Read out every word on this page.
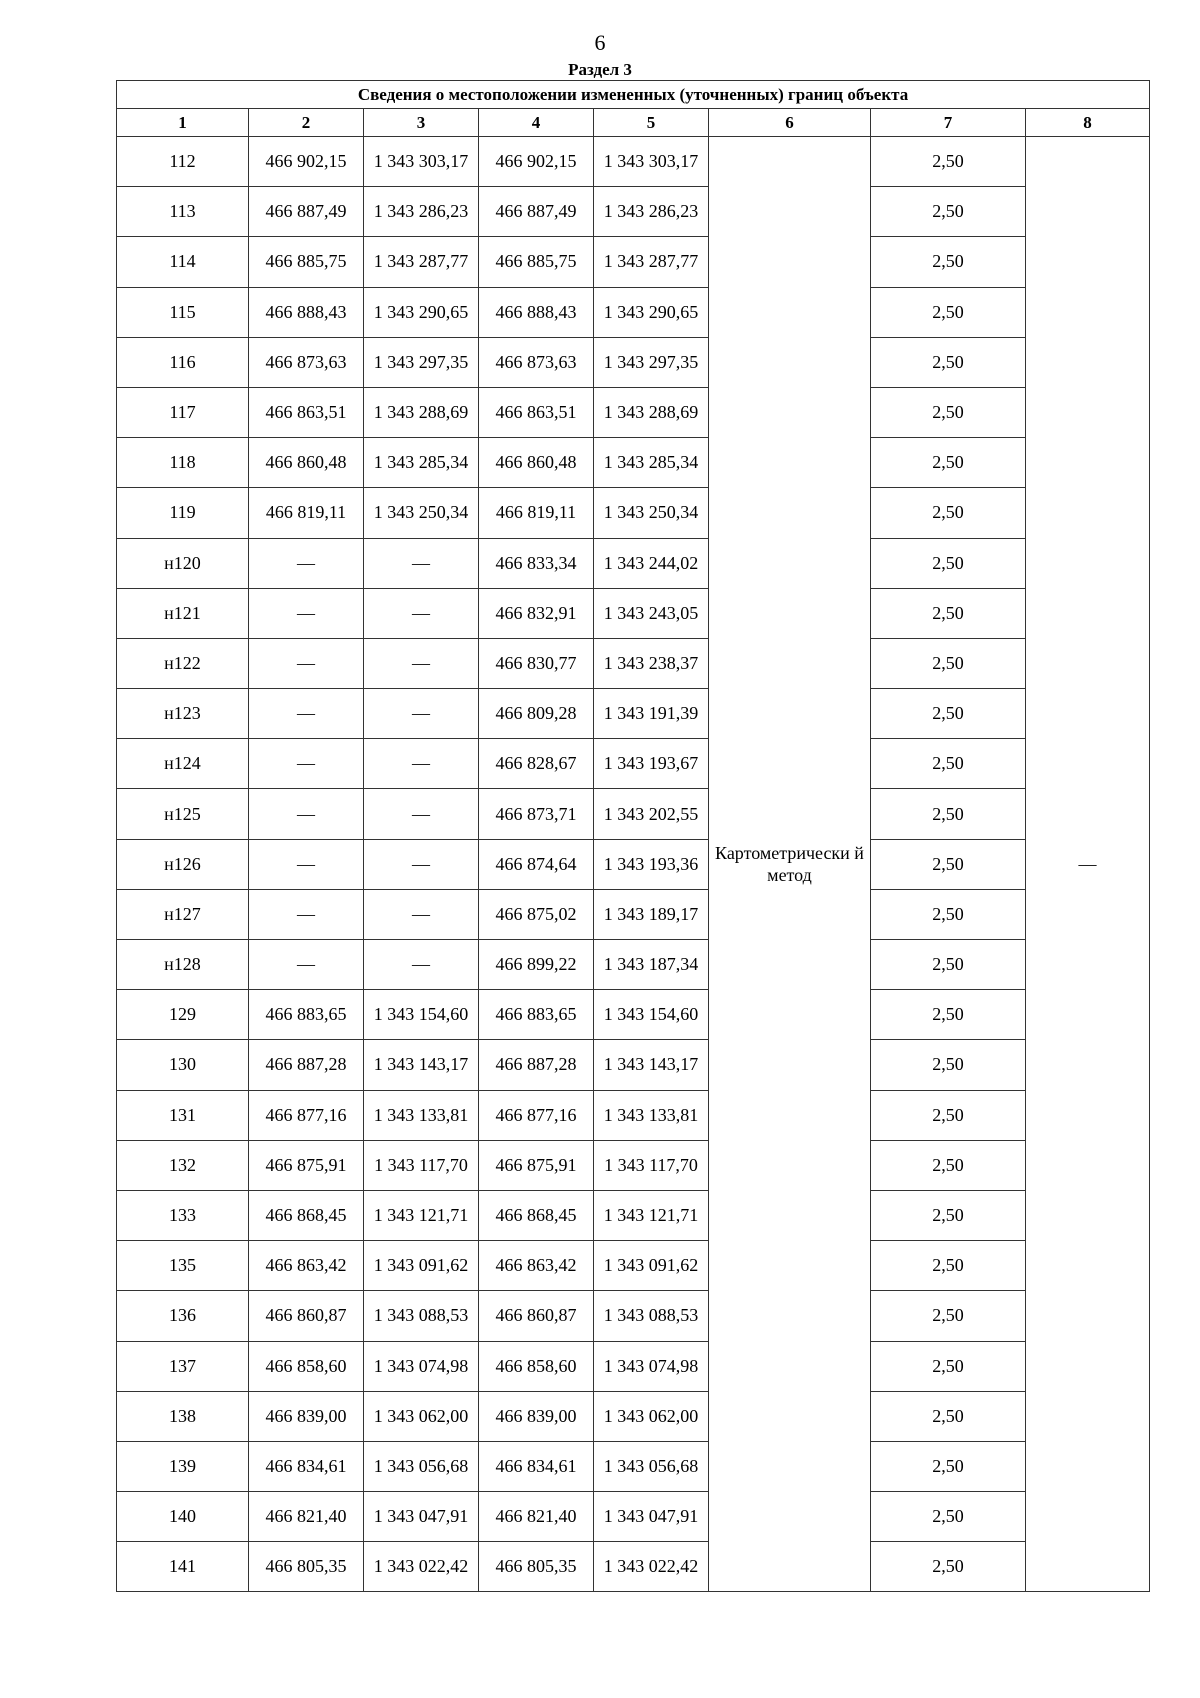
6
Раздел 3
Сведения о местоположении измененных (уточненных) границ объекта							
1	2	3	4	5	6	7	8
112	466 902,15	1 343 303,17	466 902,15	1 343 303,17	Картометрически й метод	2,50	—
113	466 887,49	1 343 286,23	466 887,49	1 343 286,23		2,50	
114	466 885,75	1 343 287,77	466 885,75	1 343 287,77		2,50	
115	466 888,43	1 343 290,65	466 888,43	1 343 290,65		2,50	
116	466 873,63	1 343 297,35	466 873,63	1 343 297,35		2,50	
117	466 863,51	1 343 288,69	466 863,51	1 343 288,69		2,50	
118	466 860,48	1 343 285,34	466 860,48	1 343 285,34		2,50	
119	466 819,11	1 343 250,34	466 819,11	1 343 250,34		2,50	
н120	—	—	466 833,34	1 343 244,02		2,50	
н121	—	—	466 832,91	1 343 243,05		2,50	
н122	—	—	466 830,77	1 343 238,37		2,50	
н123	—	—	466 809,28	1 343 191,39		2,50	
н124	—	—	466 828,67	1 343 193,67		2,50	
н125	—	—	466 873,71	1 343 202,55		2,50	
н126	—	—	466 874,64	1 343 193,36		2,50	
н127	—	—	466 875,02	1 343 189,17		2,50	
н128	—	—	466 899,22	1 343 187,34		2,50	
129	466 883,65	1 343 154,60	466 883,65	1 343 154,60		2,50	
130	466 887,28	1 343 143,17	466 887,28	1 343 143,17		2,50	
131	466 877,16	1 343 133,81	466 877,16	1 343 133,81		2,50	
132	466 875,91	1 343 117,70	466 875,91	1 343 117,70		2,50	
133	466 868,45	1 343 121,71	466 868,45	1 343 121,71		2,50	
135	466 863,42	1 343 091,62	466 863,42	1 343 091,62		2,50	
136	466 860,87	1 343 088,53	466 860,87	1 343 088,53		2,50	
137	466 858,60	1 343 074,98	466 858,60	1 343 074,98		2,50	
138	466 839,00	1 343 062,00	466 839,00	1 343 062,00		2,50	
139	466 834,61	1 343 056,68	466 834,61	1 343 056,68		2,50	
140	466 821,40	1 343 047,91	466 821,40	1 343 047,91		2,50	
141	466 805,35	1 343 022,42	466 805,35	1 343 022,42		2,50	
